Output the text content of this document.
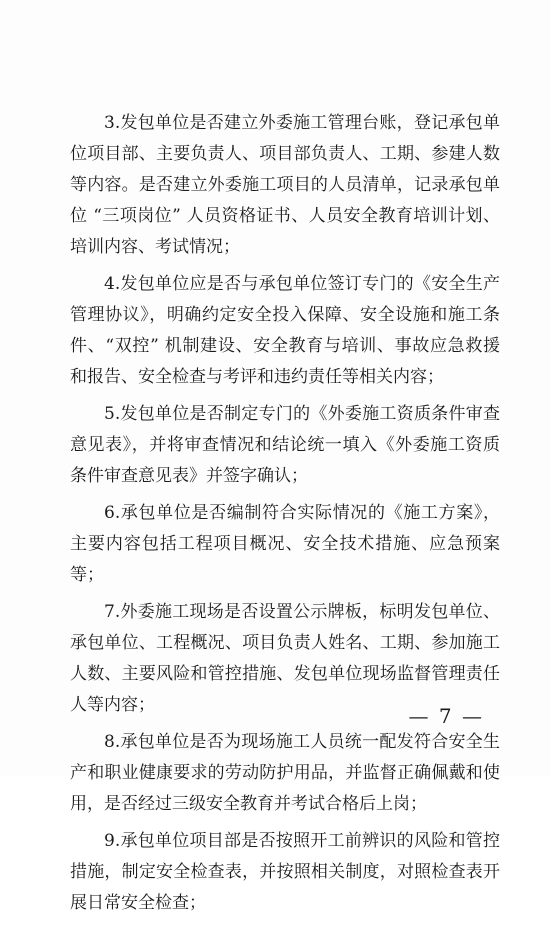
3.发包单位是否建立外委施工管理台账，登记承包单位项目部、主要负责人、项目部负责人、工期、参建人数等内容。是否建立外委施工项目的人员清单，记录承包单位 “三项岗位” 人员资格证书、人员安全教育培训计划、培训内容、考试情况；

4.发包单位应是否与承包单位签订专门的《安全生产管理协议》，明确约定安全投入保障、安全设施和施工条件、“双控” 机制建设、安全教育与培训、事故应急救援和报告、安全检查与考评和违约责任等相关内容；

5.发包单位是否制定专门的《外委施工资质条件审查意见表》，并将审查情况和结论统一填入《外委施工资质条件审查意见表》并签字确认；

6.承包单位是否编制符合实际情况的《施工方案》，主要内容包括工程项目概况、安全技术措施、应急预案等；

7.外委施工现场是否设置公示牌板，标明发包单位、承包单位、工程概况、项目负责人姓名、工期、参加施工人数、主要风险和管控措施、发包单位现场监督管理责任人等内容；

8.承包单位是否为现场施工人员统一配发符合安全生产和职业健康要求的劳动防护用品，并监督正确佩戴和使用，是否经过三级安全教育并考试合格后上岗；

9.承包单位项目部是否按照开工前辨识的风险和管控措施，制定安全检查表，并按照相关制度，对照检查表开展日常安全检查；

— 7 —
